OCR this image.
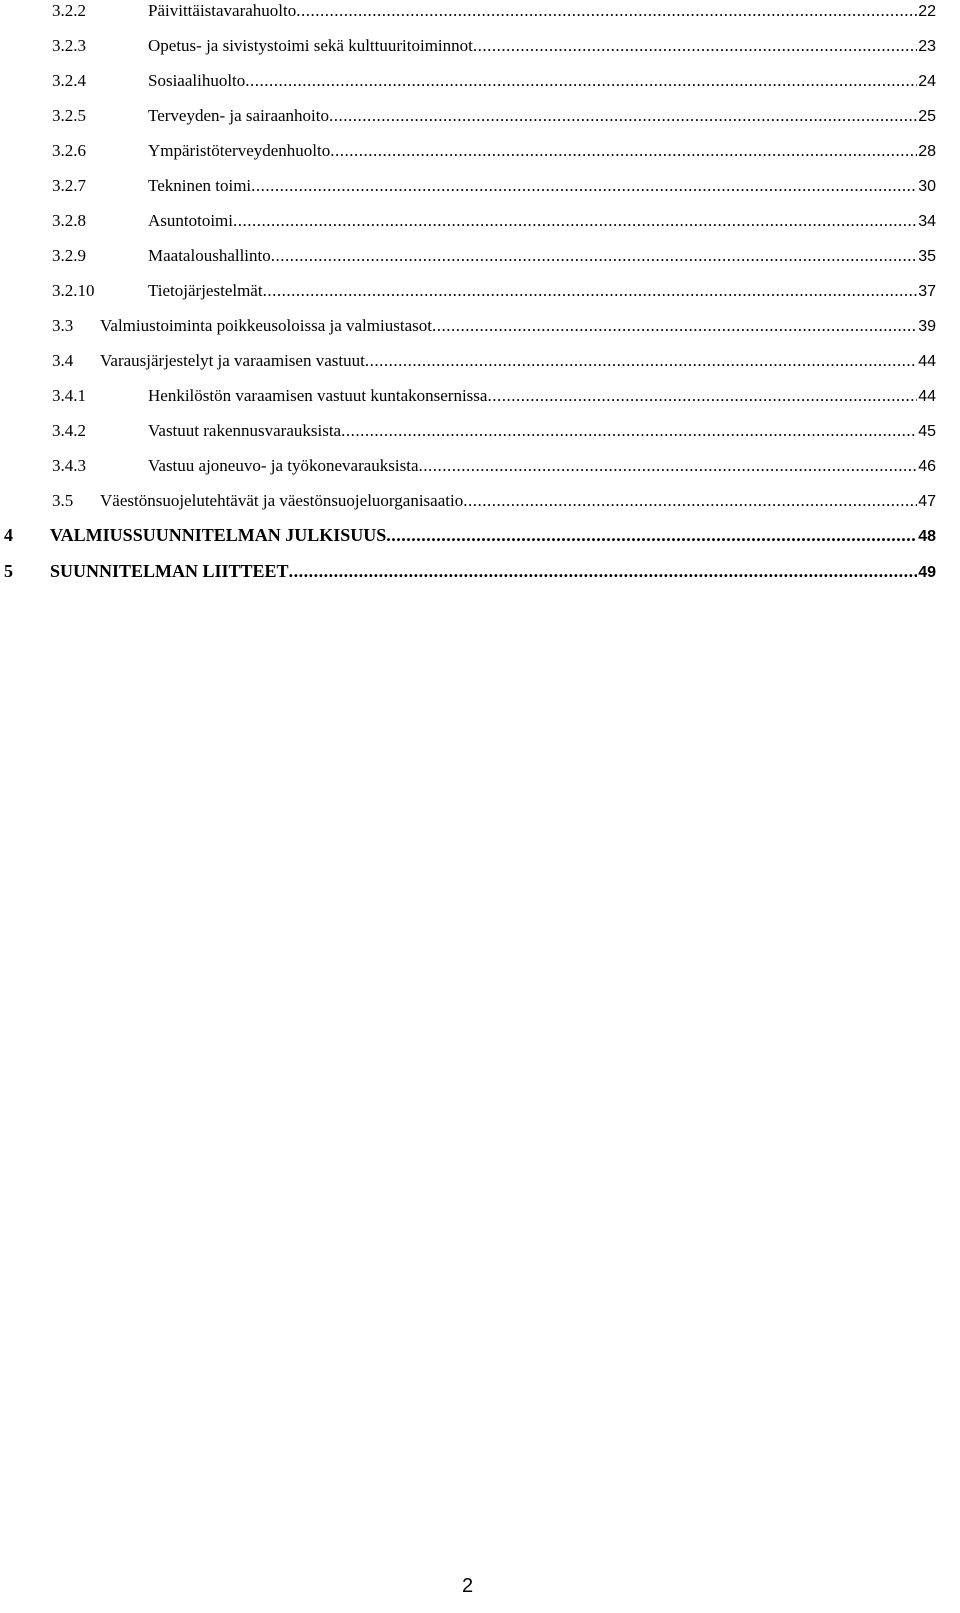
3.2.2	Päivittäistavarahuolto .....	22
3.2.3	Opetus- ja sivistystoimi sekä kulttuuritoiminnot .....	23
3.2.4	Sosiaalihuolto .....	24
3.2.5	Terveyden- ja sairaanhoito .....	25
3.2.6	Ympäristöterveydenhuolto .....	28
3.2.7	Tekninen toimi .....	30
3.2.8	Asuntotoimi .....	34
3.2.9	Maataloushallinto .....	35
3.2.10	Tietojärjestelmät .....	37
3.3	Valmiustoiminta poikkeusoloissa ja valmiustasot .....	39
3.4	Varausjärjestelyt ja varaamisen vastuut .....	44
3.4.1	Henkilöstön varaamisen vastuut kuntakonsernissa .....	44
3.4.2	Vastuut rakennusvarauksista .....	45
3.4.3	Vastuu ajoneuvo- ja työkonevarauksista .....	46
3.5	Väestönsuojelutehtävät ja väestönsuojeluorganisaatio .....	47
4	VALMIUSSUUNNITELMAN JULKISUUS .....	48
5	SUUNNITELMAN LIITTEET .....	49
2
